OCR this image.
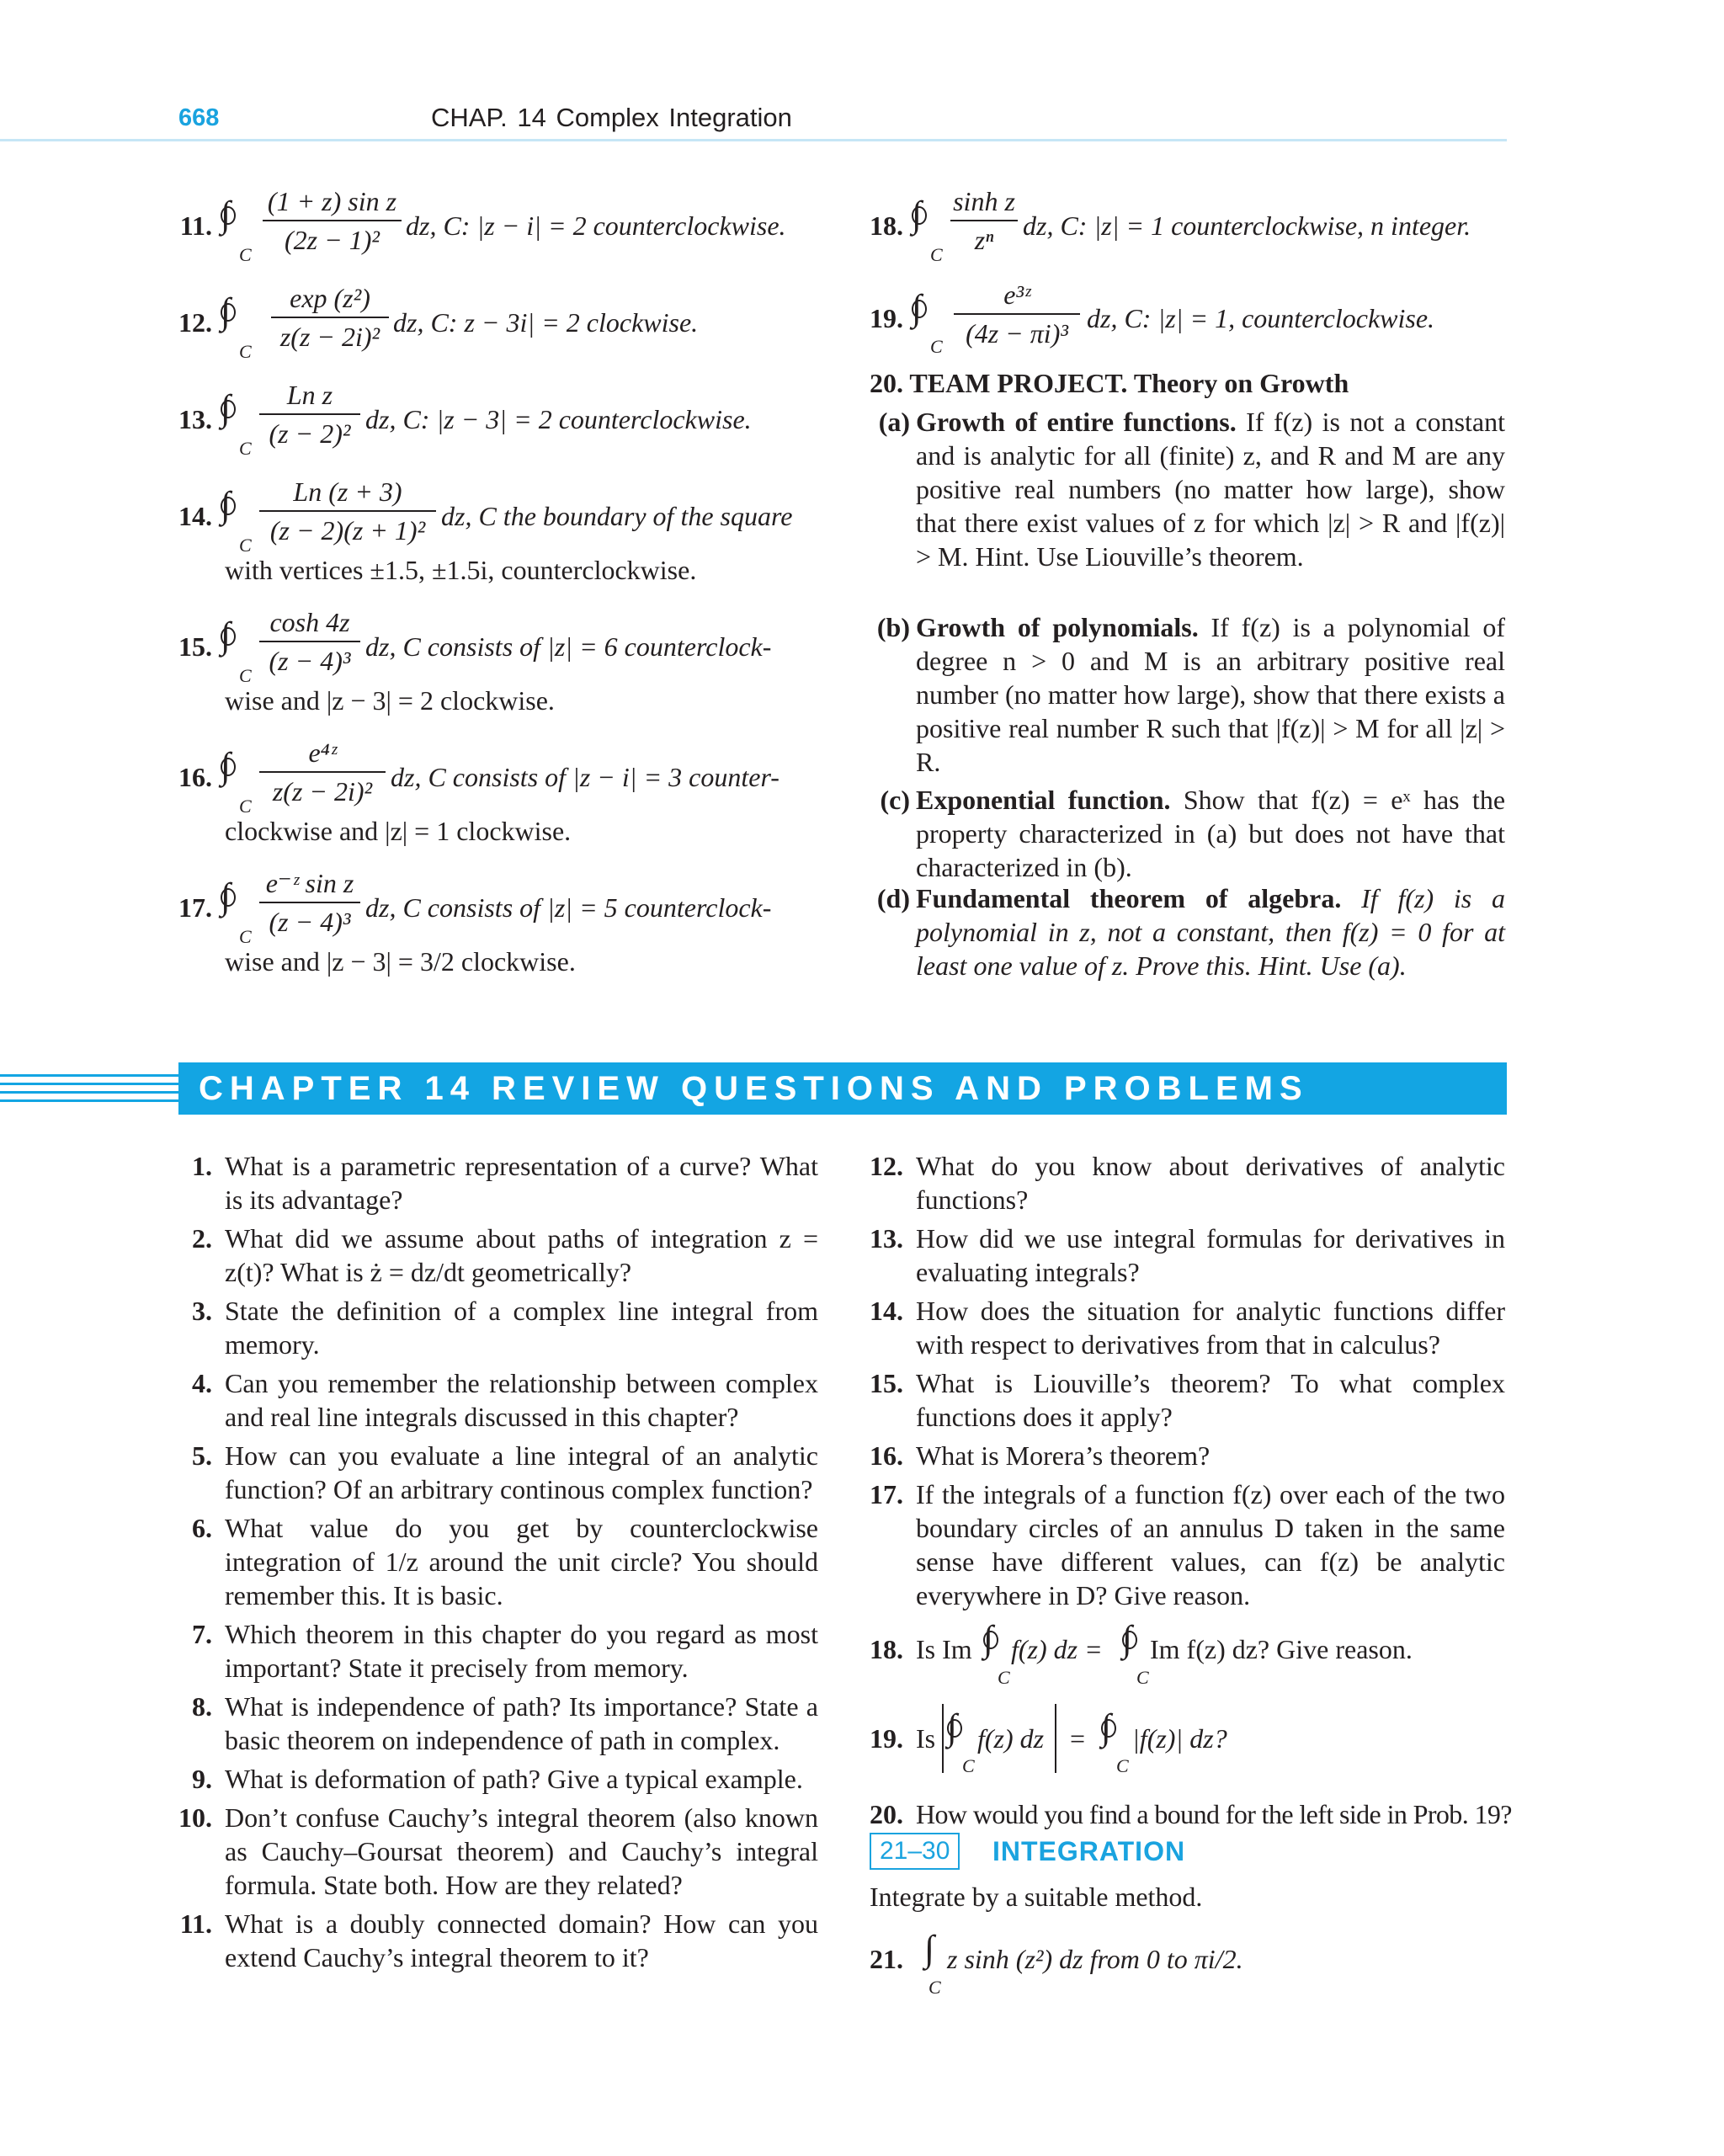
668	CHAP. 14 Complex Integration
11. ∫
C
(1 + z) sin z
(2z − 1)² dz, C: |z − i| = 2 counterclockwise.
12. ∫
C
exp (z²)
z(z − 2i)² dz, C: z − 3i| = 2 clockwise.
13. ∫
C
Ln z
(z − 2)² dz, C: |z − 3| = 2 counterclockwise.
14. ∫
C
Ln (z + 3)
(z − 2)(z + 1)² dz, C the boundary of the square
with vertices ±1.5, ±1.5i, counterclockwise.
15. ∫
C
cosh 4z
(z − 4)³ dz, C consists of |z| = 6 counterclock-
wise and |z − 3| = 2 clockwise.
16. ∫
C
e⁴ᶻ
z(z − 2i)² dz, C consists of |z − i| = 3 counter-
clockwise and |z| = 1 clockwise.
17. ∫
C
e⁻ᶻ sin z
(z − 4)³ dz, C consists of |z| = 5 counterclock-
wise and |z − 3| = 3/2 clockwise.
18. ∫
C
sinh z
zⁿ	dz, C: |z| = 1 counterclockwise, n integer.
19. ∫
C
e³ᶻ
(4z − πi)³ dz, C: |z| = 1, counterclockwise.
20. TEAM PROJECT. Theory on Growth
(a) Growth of entire functions. If f(z) is not a constant and is analytic for all (finite) z, and R and M are any positive real numbers (no matter how large), show that there exist values of z for which |z| > R and |f(z)| > M. Hint. Use Liouville’s theorem.
(b) Growth of polynomials. If f(z) is a polynomial of degree n > 0 and M is an arbitrary positive real number (no matter how large), show that there exists a positive real number R such that |f(z)| > M for all |z| > R.
(c) Exponential function. Show that f(z) = eˣ has the property characterized in (a) but does not have that characterized in (b).
(d) Fundamental theorem of algebra. If f(z) is a polynomial in z, not a constant, then f(z) = 0 for at least one value of z. Prove this. Hint. Use (a).
CHAPTER 14 REVIEW QUESTIONS AND PROBLEMS
1. What is a parametric representation of a curve? What is its advantage?
2. What did we assume about paths of integration z = z(t)? What is ż = dz/dt geometrically?
3. State the definition of a complex line integral from memory.
4. Can you remember the relationship between complex and real line integrals discussed in this chapter?
5. How can you evaluate a line integral of an analytic function? Of an arbitrary continous complex function?
6. What value do you get by counterclockwise integration of 1/z around the unit circle? You should remember this. It is basic.
7. Which theorem in this chapter do you regard as most important? State it precisely from memory.
8. What is independence of path? Its importance? State a basic theorem on independence of path in complex.
9. What is deformation of path? Give a typical example.
10. Don’t confuse Cauchy’s integral theorem (also known as Cauchy–Goursat theorem) and Cauchy’s integral formula. State both. How are they related?
11. What is a doubly connected domain? How can you extend Cauchy’s integral theorem to it?
12. What do you know about derivatives of analytic functions?
13. How did we use integral formulas for derivatives in evaluating integrals?
14. How does the situation for analytic functions differ with respect to derivatives from that in calculus?
15. What is Liouville’s theorem? To what complex functions does it apply?
16. What is Morera’s theorem?
17. If the integrals of a function f(z) over each of the two boundary circles of an annulus D taken in the same sense have different values, can f(z) be analytic everywhere in D? Give reason.
18. Is Im ∫
C
f(z) dz = ∫
C
Im f(z) dz? Give reason.
19. Is ∫
C
f(z) dz = ∫
C
|f(z)| dz?
20. How would you find a bound for the left side in Prob. 19?
21–30	INTEGRATION
Integrate by a suitable method.
21. ∫
C
z sinh (z²) dz from 0 to πi/2.
